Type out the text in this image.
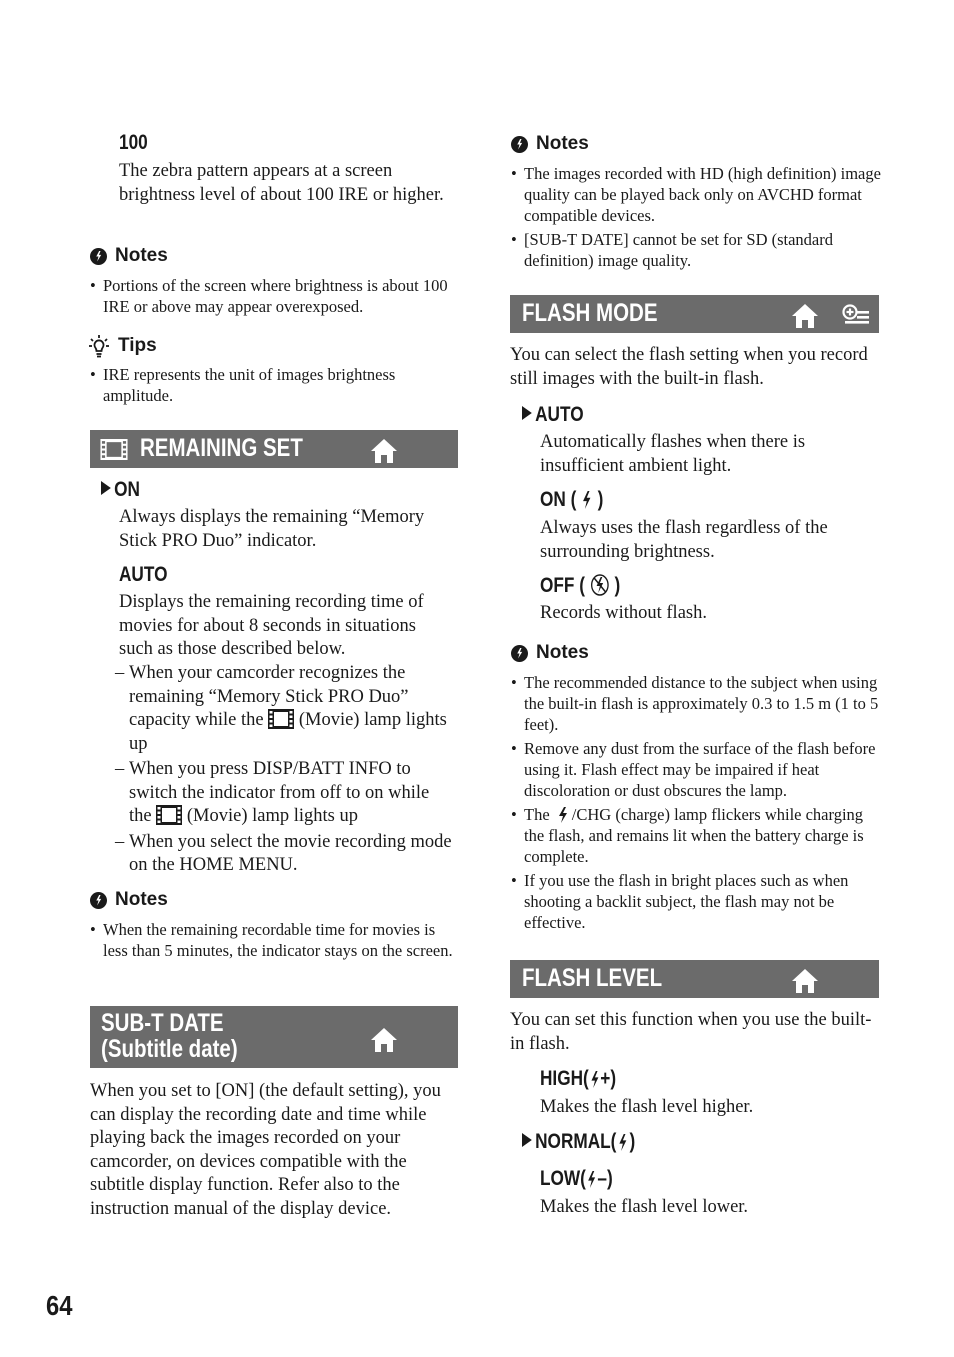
100
The zebra pattern appears at a screen brightness level of about 100 IRE or higher.
Notes
• Portions of the screen where brightness is about 100 IRE or above may appear overexposed.
Tips
• IRE represents the unit of images brightness amplitude.
REMAINING SET
ON
Always displays the remaining “Memory Stick PRO Duo” indicator.
AUTO
Displays the remaining recording time of movies for about 8 seconds in situations such as those described below.
– When your camcorder recognizes the remaining “Memory Stick PRO Duo” capacity while the (Movie) lamp lights up
– When you press DISP/BATT INFO to switch the indicator from off to on while the (Movie) lamp lights up
– When you select the movie recording mode on the HOME MENU.
Notes
• When the remaining recordable time for movies is less than 5 minutes, the indicator stays on the screen.
SUB-T DATE
(Subtitle date)
When you set to [ON] (the default setting), you can display the recording date and time while playing back the images recorded on your camcorder, on devices compatible with the subtitle display function. Refer also to the instruction manual of the display device.
Notes
• The images recorded with HD (high definition) image quality can be played back only on AVCHD format compatible devices.
• [SUB-T DATE] cannot be set for SD (standard definition) image quality.
FLASH MODE
You can select the flash setting when you record still images with the built-in flash.
AUTO
Automatically flashes when there is insufficient ambient light.
ON ( )
Always uses the flash regardless of the surrounding brightness.
OFF ( )
Records without flash.
Notes
• The recommended distance to the subject when using the built-in flash is approximately 0.3 to 1.5 m (1 to 5 feet).
• Remove any dust from the surface of the flash before using it. Flash effect may be impaired if heat discoloration or dust obscures the lamp.
• The /CHG (charge) lamp flickers while charging the flash, and remains lit when the battery charge is complete.
• If you use the flash in bright places such as when shooting a backlit subject, the flash may not be effective.
FLASH LEVEL
You can set this function when you use the built-in flash.
HIGH( +)
Makes the flash level higher.
NORMAL( )
LOW( –)
Makes the flash level lower.
64
